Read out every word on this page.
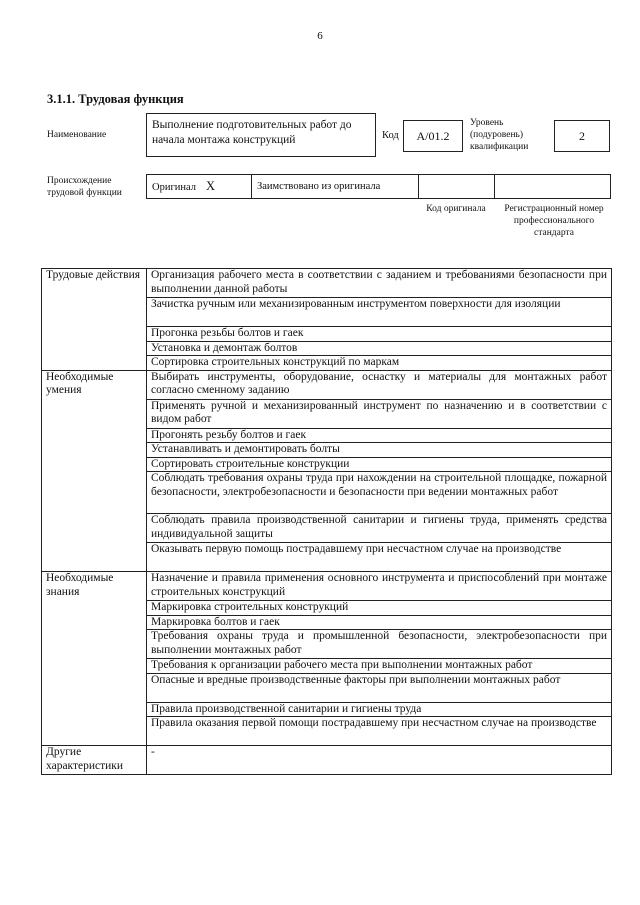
6
3.1.1. Трудовая функция
Наименование
Выполнение подготовительных работ до начала монтажа конструкций	Код	А/01.2
Уровень (подуровень) квалификации
2
Происхождение трудовой функции	Оригинал X	Заимствовано из оригинала
Код оригинала	Регистрационный номер профессионального стандарта
Трудовые действия	Организация рабочего места в соответствии с заданием и требованиями безопасности при выполнении данной работы
	Зачистка ручным или механизированным инструментом поверхности для изоляции
	Прогонка резьбы болтов и гаек
	Установка и демонтаж болтов
	Сортировка строительных конструкций по маркам
Необходимые умения	Выбирать инструменты, оборудование, оснастку и материалы для монтажных работ согласно сменному заданию
	Применять ручной и механизированный инструмент по назначению и в соответствии с видом работ
	Прогонять резьбу болтов и гаек
	Устанавливать и демонтировать болты
	Сортировать строительные конструкции
	Соблюдать требования охраны труда при нахождении на строительной площадке, пожарной безопасности, электробезопасности и безопасности при ведении монтажных работ
	Соблюдать правила производственной санитарии и гигиены труда, применять средства индивидуальной защиты
	Оказывать первую помощь пострадавшему при несчастном случае на производстве
Необходимые знания	Назначение и правила применения основного инструмента и приспособлений при монтаже строительных конструкций
	Маркировка строительных конструкций
	Маркировка болтов и гаек
	Требования охраны труда и промышленной безопасности, электробезопасности при выполнении монтажных работ
	Требования к организации рабочего места при выполнении монтажных работ
	Опасные и вредные производственные факторы при выполнении монтажных работ
	Правила производственной санитарии и гигиены труда
	Правила оказания первой помощи пострадавшему при несчастном случае на производстве
Другие характеристики	-
